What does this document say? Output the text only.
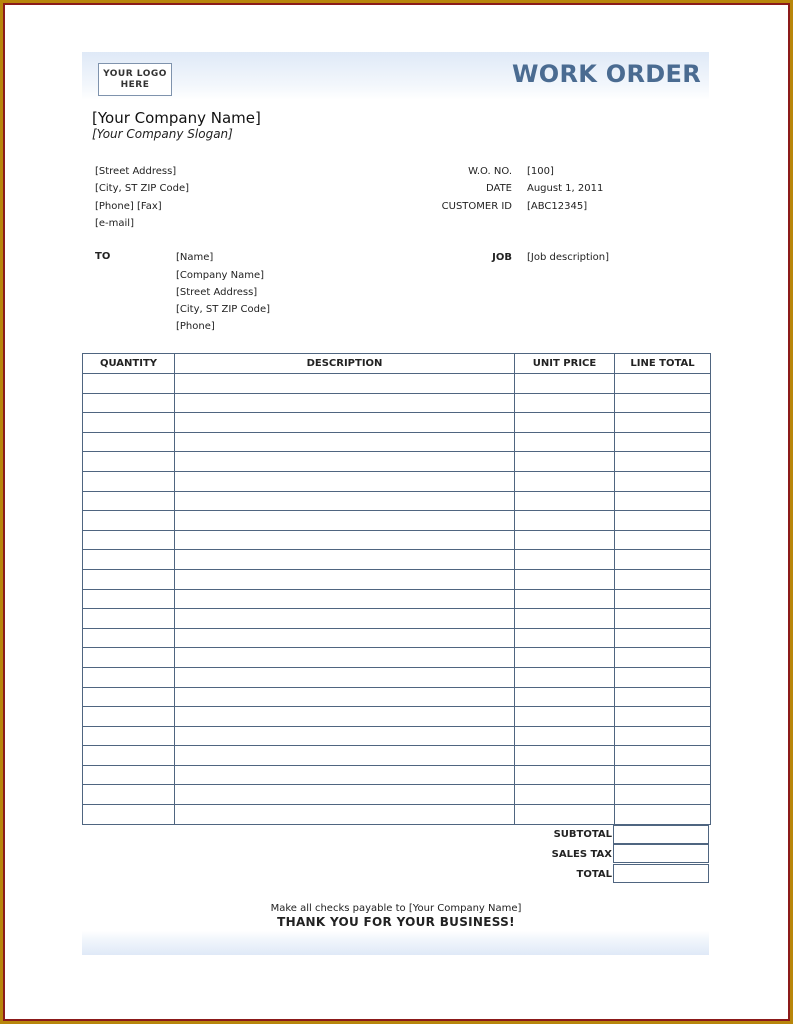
YOUR LOGO
HERE	WORK ORDER
[Your Company Name]
[Your Company Slogan]
[Street Address]
[City, ST ZIP Code]
[Phone] [Fax]
[e-mail]
W.O. NO. [100]
DATE August 1, 2011
CUSTOMER ID [ABC12345]
TO	[Name]
[Company Name]
[Street Address]
[City, ST ZIP Code]
[Phone]
JOB [Job description]
QUANTITY	DESCRIPTION	UNIT PRICE	LINE TOTAL

SUBTOTAL
SALES TAX
TOTAL
Make all checks payable to [Your Company Name]
THANK YOU FOR YOUR BUSINESS!
